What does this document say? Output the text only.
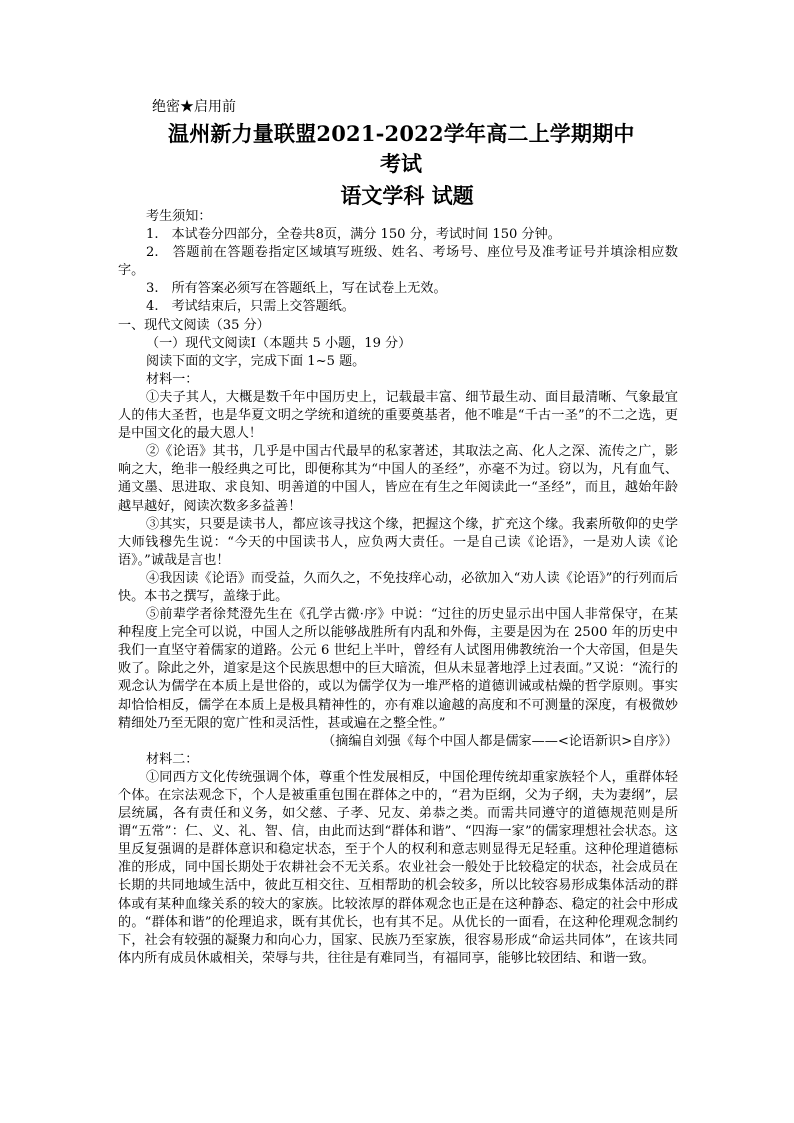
绝密★启用前
温州新力量联盟2021-2022学年高二上学期期中
考试
语文学科 试题

考生须知：

1.　本试卷分四部分，全卷共8页，满分 150 分，考试时间 150 分钟。

2.　答题前在答题卷指定区域填写班级、姓名、考场号、座位号及准考证号并填涂相应数字。

3.　所有答案必须写在答题纸上，写在试卷上无效。

4.　考试结束后，只需上交答题纸。

一、现代文阅读（35 分）

（一）现代文阅读Ⅰ（本题共 5 小题，19 分）

阅读下面的文字，完成下面 1~5 题。

材料一：

①夫子其人，大概是数千年中国历史上，记载最丰富、细节最生动、面目最清晰、气象最宜人的伟大圣哲，也是华夏文明之学统和道统的重要奠基者，他不唯是“千古一圣”的不二之选，更是中国文化的最大恩人！

②《论语》其书，几乎是中国古代最早的私家著述，其取法之高、化人之深、流传之广，影响之大，绝非一般经典之可比，即便称其为“中国人的圣经”，亦毫不为过。窃以为，凡有血气、通文墨、思进取、求良知、明善道的中国人，皆应在有生之年阅读此一“圣经”，而且，越始年龄越早越好，阅读次数多多益善！

③其实，只要是读书人，都应该寻找这个缘，把握这个缘，扩充这个缘。我素所敬仰的史学大师钱穆先生说：“今天的中国读书人，应负两大责任。一是自己读《论语》，一是劝人读《论语》。”诚哉是言也！

④我因读《论语》而受益，久而久之，不免技痒心动，必欲加入“劝人读《论语》”的行列而后快。本书之撰写，盖缘于此。

⑤前辈学者徐梵澄先生在《孔学古微·序》中说：“过往的历史显示出中国人非常保守，在某种程度上完全可以说，中国人之所以能够战胜所有内乱和外侮，主要是因为在 2500 年的历史中我们一直坚守着儒家的道路。公元 6 世纪上半叶，曾经有人试图用佛教统治一个大帝国，但是失败了。除此之外，道家是这个民族思想中的巨大暗流，但从未显著地浮上过表面。”又说：“流行的观念认为儒学在本质上是世俗的，或以为儒学仅为一堆严格的道德训诫或枯燥的哲学原则。事实却恰恰相反，儒学在本质上是极具精神性的，亦有难以逾越的高度和不可测量的深度，有极微妙精细处乃至无限的宽广性和灵活性，甚或遍在之整全性。”

（摘编自刘强《每个中国人都是儒家——<论语新识>自序》）

材料二：

①同西方文化传统强调个体，尊重个性发展相反，中国伦理传统却重家族轻个人，重群体轻个体。在宗法观念下，个人是被重重包围在群体之中的，“君为臣纲，父为子纲，夫为妻纲”，层层统属，各有责任和义务，如父慈、子孝、兄友、弟恭之类。而需共同遵守的道德规范则是所谓“五常”：仁、义、礼、智、信，由此而达到“群体和谐”、“四海一家”的儒家理想社会状态。这里反复强调的是群体意识和稳定状态，至于个人的权利和意志则显得无足轻重。这种伦理道德标准的形成，同中国长期处于农耕社会不无关系。农业社会一般处于比较稳定的状态，社会成员在长期的共同地域生活中，彼此互相交往、互相帮助的机会较多，所以比较容易形成集体活动的群体或有某种血缘关系的较大的家族。比较浓厚的群体观念也正是在这种静态、稳定的社会中形成的。“群体和谐”的伦理追求，既有其优长，也有其不足。从优长的一面看，在这种伦理观念制约下，社会有较强的凝聚力和向心力，国家、民族乃至家族，很容易形成“命运共同体”，在该共同体内所有成员休戚相关，荣辱与共，往往是有难同当，有福同享，能够比较团结、和谐一致。
